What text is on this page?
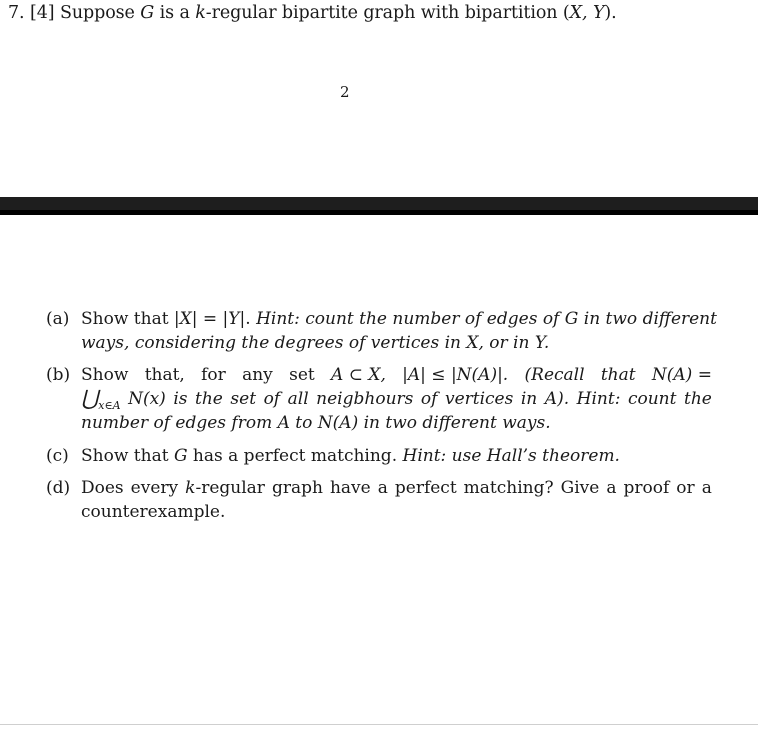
7. [4] Suppose G is a k-regular bipartite graph with bipartition (X, Y).
2
(a) Show that |X| = |Y|. Hint: count the number of edges of G in two different
ways, considering the degrees of vertices in X, or in Y.
(b) Show that, for any set A ⊂ X, |A| ≤ |N(A)|. (Recall that N(A) =
$⋃_{x\in A}$ N(x) is the set of all neigbhours of vertices in A). Hint: count the
number of edges from A to N(A) in two different ways.
(c) Show that G has a perfect matching. Hint: use Hall’s theorem.
(d) Does every k-regular graph have a perfect matching? Give a proof or a
counterexample.
